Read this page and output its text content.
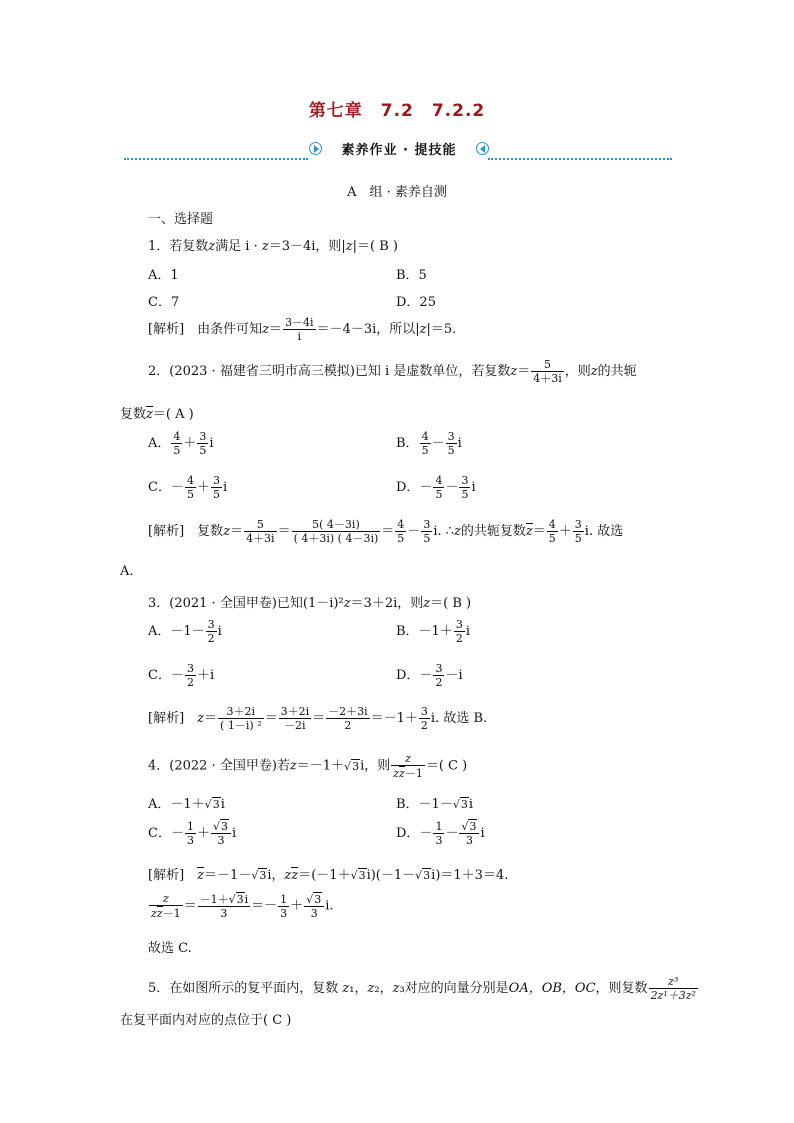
第七章　7.2　7.2.2
素养作业 · 提技能
A　组 · 素养自测
一、选择题
1．若复数z满足 i · z＝3－4i，则|z|＝( B )
A．1	B．5
C．7	D．25
[解析]　 由条件可知$z= \frac{3-4i}{i} =-4-3i$，所以|z|＝5.
2．(2023 · 福建省三明市高三模拟)已知 i 是虚数单位，若复数$z= \frac{5}{4+3i}$ ，则z的共轭
复数z＝( A )
A． $\frac{4}{5} + \frac{3}{5}$ i	B． $\frac{4}{5} - \frac{3}{5}$ i
C．－ $\frac{4}{5} + \frac{3}{5}$ i	D．－ $\frac{4}{5} - \frac{3}{5}$ i
[解析]　 复数$z= \frac{5}{4+3i} = \frac{5( 4-3i)}{( 4+3i) ( 4-3i)} = \frac{4}{5} - \frac{3}{5} i$. ∴z的共轭复数$z= \frac{4}{5} + \frac{3}{5} i$. 故选
A.
3．(2021 · 全国甲卷)已知(1－i)²z＝3＋2i，则z＝( B )
A．$-1- \frac{3}{2}$ i	B．$-1+ \frac{3}{2}$ i
C．－ $\frac{3}{2} +i$	D．－ $\frac{3}{2} -i$
[解析]　 $z= \frac{3+2i}{\text{( 1－i) ²}} = \frac{3+2i}{-2i} = \frac{-2+3i}{2} =-1+ \frac{3}{2} i$. 故选 B.
4．(2022 · 全国甲卷)若z＝－1＋√3i，则 $\frac{z}{zz-1}$ ＝( C )
A．－1＋√3i	B．－1－√3i
C．－ $\frac{1}{3} + \frac{√3}{3}$ i	D．－ $\frac{1}{3} - \frac{√3}{3}$ i
[解析]　 z＝－1－√3i，zz＝(－1＋√3i)(－1－√3i)＝1＋3＝4.
$\frac{z}{zz-1} = \frac{-1+√3i}{3} =- \frac{1}{3} + \frac{√3}{3} i$.
故选 C.
5．在如图所示的复平面内，复数 z₁，z₂，z₃对应的向量分别是OA，OB，OC，则复数 $\frac{\text{z³}}{\text{2z¹＋3z²}}$
在复平面内对应的点位于( C )
